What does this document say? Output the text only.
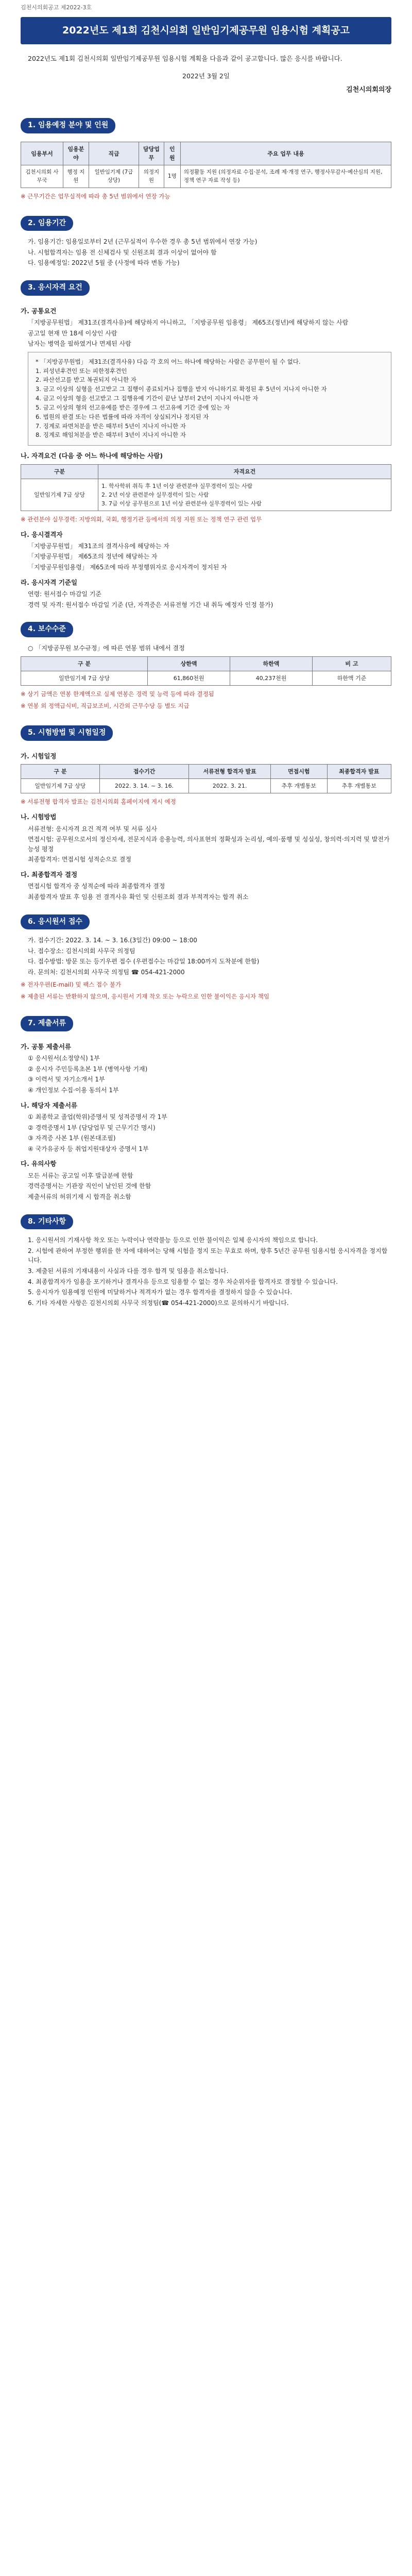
김천시의회공고 제2022-3호
2022년도 제1회 김천시의회 일반임기제공무원 임용시험 계획공고

2022년도 제1회 김천시의회 일반임기제공무원 임용시험 계획을 다음과 같이 공고합니다. 많은 응시를 바랍니다.

2022년 3월 2일
김천시의회의장
1. 임용예정 분야 및 인원
임용부서	임용분야	직급	담당업무	인원	주요 업무 내용
김천시의회 사무국	행정 지원	일반임기제 (7급 상당)	의정지원	1명	의정활동 지원 (의정자료 수집·분석, 조례 제·개정 연구, 행정사무감사·예산심의 지원, 정책 연구 자료 작성 등)
※ 근무기간은 업무실적에 따라 총 5년 범위에서 연장 가능
2. 임용기간
가. 임용기간: 임용일로부터 2년 (근무실적이 우수한 경우 총 5년 범위에서 연장 가능)
나. 시험합격자는 임용 전 신체검사 및 신원조회 결과 이상이 없어야 함
다. 임용예정일: 2022년 5월 중 (사정에 따라 변동 가능)
3. 응시자격 요건
가. 공통요건
「지방공무원법」 제31조(결격사유)에 해당하지 아니하고, 「지방공무원 임용령」 제65조(정년)에 해당하지 않는 사람
공고일 현재 만 18세 이상인 사람
남자는 병역을 필하였거나 면제된 사람
* 「지방공무원법」 제31조(결격사유) 다음 각 호의 어느 하나에 해당하는 사람은 공무원이 될 수 없다.
1. 피성년후견인 또는 피한정후견인
2. 파산선고를 받고 복권되지 아니한 자
3. 금고 이상의 실형을 선고받고 그 집행이 종료되거나 집행을 받지 아니하기로 확정된 후 5년이 지나지 아니한 자
4. 금고 이상의 형을 선고받고 그 집행유예 기간이 끝난 날부터 2년이 지나지 아니한 자
5. 금고 이상의 형의 선고유예를 받은 경우에 그 선고유예 기간 중에 있는 자
6. 법원의 판결 또는 다른 법률에 따라 자격이 상실되거나 정지된 자
7. 징계로 파면처분을 받은 때부터 5년이 지나지 아니한 자
8. 징계로 해임처분을 받은 때부터 3년이 지나지 아니한 자
나. 자격요건 (다음 중 어느 하나에 해당하는 사람)
구분	자격요건
일반임기제 7급 상당	1. 학사학위 취득 후 1년 이상 관련분야 실무경력이 있는 사람
2. 2년 이상 관련분야 실무경력이 있는 사람
3. 7급 이상 공무원으로 1년 이상 관련분야 실무경력이 있는 사람
※ 관련분야 실무경력: 지방의회, 국회, 행정기관 등에서의 의정 지원 또는 정책 연구 관련 업무
다. 응시결격자
「지방공무원법」 제31조의 결격사유에 해당하는 자
「지방공무원법」 제65조의 정년에 해당하는 자
「지방공무원임용령」 제65조에 따라 부정행위자로 응시자격이 정지된 자
라. 응시자격 기준일
연령: 원서접수 마감일 기준
경력 및 자격: 원서접수 마감일 기준 (단, 자격증은 서류전형 기간 내 취득 예정자 인정 불가)
4. 보수수준
○ 「지방공무원 보수규정」에 따른 연봉 범위 내에서 결정
구 분	상한액	하한액	비 고
일반임기제 7급 상당	61,860천원	40,237천원	하한액 기준
※ 상기 금액은 연봉 한계액으로 실제 연봉은 경력 및 능력 등에 따라 결정됨
※ 연봉 외 정액급식비, 직급보조비, 시간외 근무수당 등 별도 지급
5. 시험방법 및 시험일정
가. 시험일정
구 분	접수기간	서류전형 합격자 발표	면접시험	최종합격자 발표
일반임기제 7급 상당	2022. 3. 14. ~ 3. 16.	2022. 3. 21.	추후 개별통보	추후 개별통보
※ 서류전형 합격자 발표는 김천시의회 홈페이지에 게시 예정
나. 시험방법
서류전형: 응시자격 요건 적격 여부 및 서류 심사
면접시험: 공무원으로서의 정신자세, 전문지식과 응용능력, 의사표현의 정확성과 논리성, 예의·품행 및 성실성, 창의력·의지력 및 발전가능성 평정
최종합격자: 면접시험 성적순으로 결정
다. 최종합격자 결정
면접시험 합격자 중 성적순에 따라 최종합격자 결정
최종합격자 발표 후 임용 전 결격사유 확인 및 신원조회 결과 부적격자는 합격 취소
6. 응시원서 접수
가. 접수기간: 2022. 3. 14. ~ 3. 16.(3일간) 09:00 ~ 18:00
나. 접수장소: 김천시의회 사무국 의정팀
다. 접수방법: 방문 또는 등기우편 접수 (우편접수는 마감일 18:00까지 도착분에 한함)
라. 문의처: 김천시의회 사무국 의정팀 ☎ 054-421-2000
※ 전자우편(E-mail) 및 팩스 접수 불가
※ 제출된 서류는 반환하지 않으며, 응시원서 기재 착오 또는 누락으로 인한 불이익은 응시자 책임
7. 제출서류
가. 공통 제출서류
① 응시원서(소정양식) 1부
② 응시자 주민등록초본 1부 (병역사항 기재)
③ 이력서 및 자기소개서 1부
④ 개인정보 수집·이용 동의서 1부
나. 해당자 제출서류
① 최종학교 졸업(학위)증명서 및 성적증명서 각 1부
② 경력증명서 1부 (담당업무 및 근무기간 명시)
③ 자격증 사본 1부 (원본대조필)
④ 국가유공자 등 취업지원대상자 증명서 1부
다. 유의사항
모든 서류는 공고일 이후 발급분에 한함
경력증명서는 기관장 직인이 날인된 것에 한함
제출서류의 허위기재 시 합격을 취소함
8. 기타사항
1. 응시원서의 기재사항 착오 또는 누락이나 연락불능 등으로 인한 불이익은 일체 응시자의 책임으로 합니다.
2. 시험에 관하여 부정한 행위를 한 자에 대하여는 당해 시험을 정지 또는 무효로 하며, 향후 5년간 공무원 임용시험 응시자격을 정지합니다.
3. 제출된 서류의 기재내용이 사실과 다를 경우 합격 및 임용을 취소합니다.
4. 최종합격자가 임용을 포기하거나 결격사유 등으로 임용할 수 없는 경우 차순위자를 합격자로 결정할 수 있습니다.
5. 응시자가 임용예정 인원에 미달하거나 적격자가 없는 경우 합격자를 결정하지 않을 수 있습니다.
6. 기타 자세한 사항은 김천시의회 사무국 의정팀(☎ 054-421-2000)으로 문의하시기 바랍니다.
